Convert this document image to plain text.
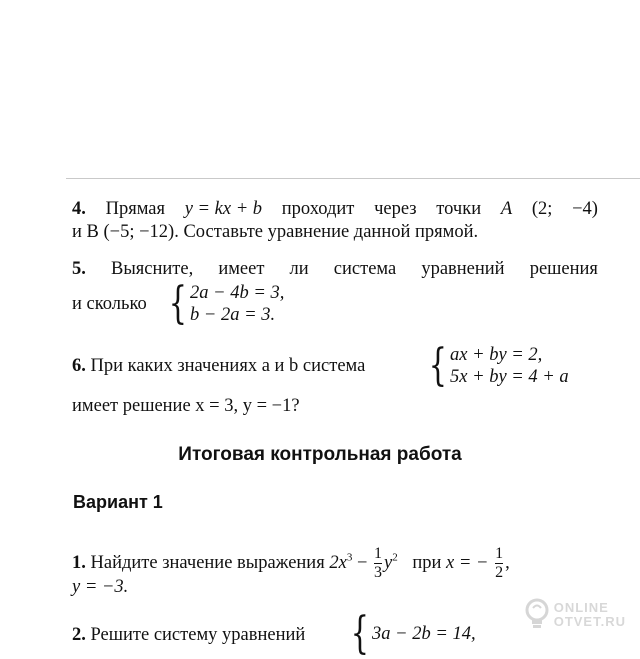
4. Прямая y = kx + b проходит через точки A (2; −4)
и B (−5; −12). Составьте уравнение данной прямой.
5. Выясните, имеет ли система уравнений решения
и сколько { 2a − 4b = 3,
b − 2a = 3.
6. При каких значениях a и b система	{ ax + by = 2,
5x + by = 4 + a
имеет решение x = 3, y = −1?
Итоговая контрольная работа
Вариант 1
1. Найдите значение выражения $2x^3 - \frac{1}{3} y^2$ при x = − $\frac{1}{2}$ ,
y = −3.
2. Решите систему уравнений	{ 3a − 2b = 14,
ONLINE
OTVET.RU
